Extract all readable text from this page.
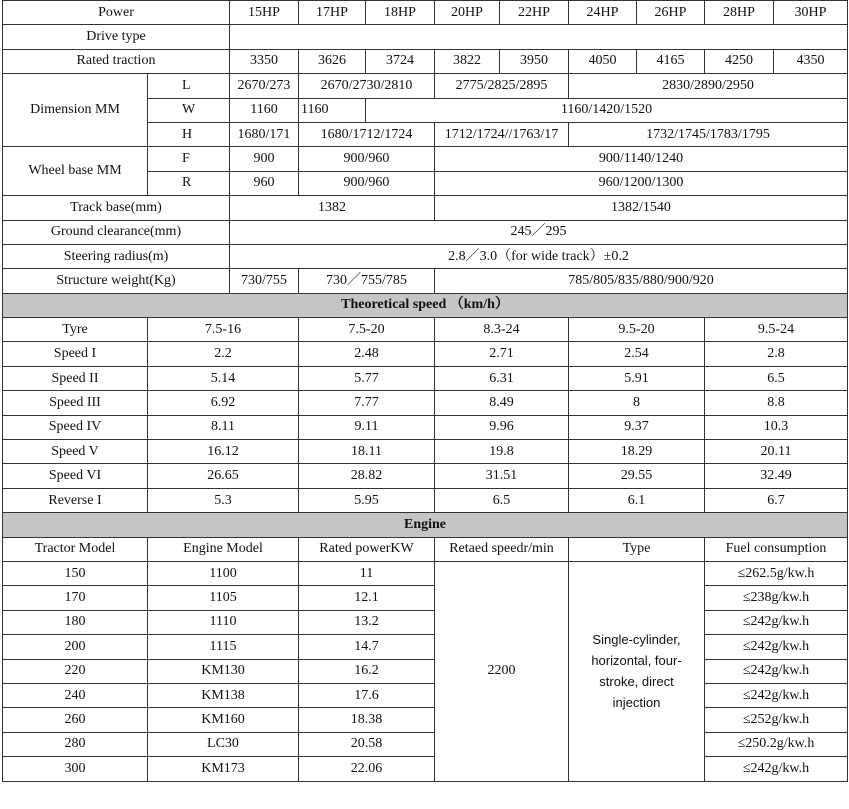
Power		15HP	17HP	18HP	20HP	22HP	24HP	26HP	28HP	30HP
Drive type										
Rated traction		3350	3626	3724	3822	3950	4050	4165	4250	4350
Dimension MM	L	2670/273	2670/2730/2810		2775/2825/2895		2830/2890/2950			
	W	1160	1160	1160/1420/1520						
	H	1680/171	1680/1712/1724		1712/1724//1763/17		1732/1745/1783/1795			
Wheel base MM	F	900	900/960		900/1140/1240					
	R	960	900/960		960/1200/1300					
Track base(mm)		1382			1382/1540					
Ground clearance(mm)		245／295								
Steering radius(m)		2.8／3.0（for wide track）±0.2								
Structure weight(Kg)		730/755	730／755/785		785/805/835/880/900/920					
Theoretical speed （km/h）										
Tyre	7.5-16		7.5-20		8.3-24		9.5-20		9.5-24	
Speed I	2.2		2.48		2.71		2.54		2.8	
Speed II	5.14		5.77		6.31		5.91		6.5	
Speed III	6.92		7.77		8.49		8		8.8	
Speed IV	8.11		9.11		9.96		9.37		10.3	
Speed V	16.12		18.11		19.8		18.29		20.11	
Speed VI	26.65		28.82		31.51		29.55		32.49	
Reverse I	5.3		5.95		6.5		6.1		6.7	
Engine										
Tractor Model	Engine Model		Rated powerKW		Retaed speedr/min		Type		Fuel consumption	
150	1100		11		2200		Single-cylinder, horizontal, four-stroke, direct injection		≤262.5g/kw.h	
170	1105		12.1						≤238g/kw.h	
180	1110		13.2						≤242g/kw.h	
200	1115		14.7						≤242g/kw.h	
220	KM130		16.2						≤242g/kw.h	
240	KM138		17.6						≤242g/kw.h	
260	KM160		18.38						≤252g/kw.h	
280	LC30		20.58						≤250.2g/kw.h	
300	KM173		22.06						≤242g/kw.h	
